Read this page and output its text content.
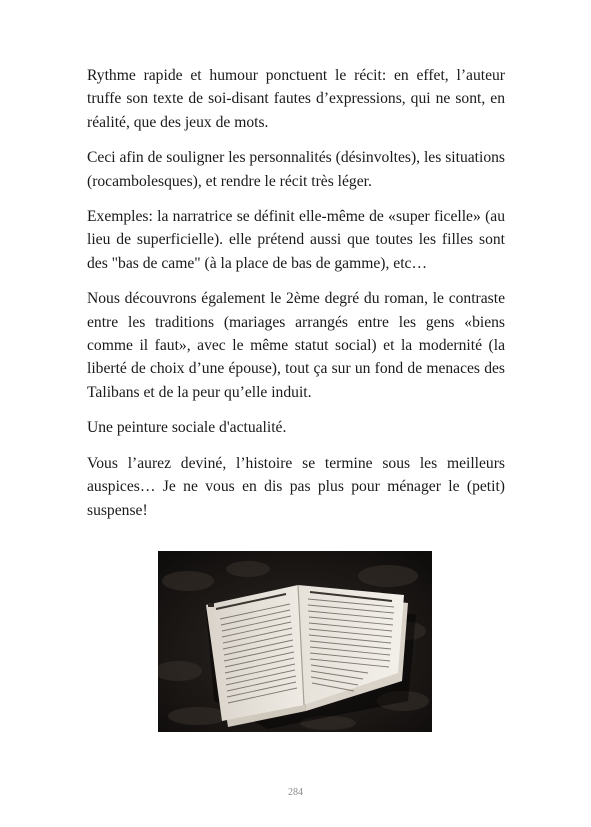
Rythme rapide et humour ponctuent le récit: en effet, l’auteur truffe son texte de soi-disant fautes d’expressions, qui ne sont, en réalité, que des jeux de mots.

Ceci afin de souligner les personnalités (désinvoltes), les situations (rocambolesques), et rendre le récit très léger.

Exemples: la narratrice se définit elle-même de «super ficelle» (au lieu de superficielle). elle prétend aussi que toutes les filles sont des "bas de came" (à la place de bas de gamme), etc…

Nous découvrons également le 2ème degré du roman, le contraste entre les traditions (mariages arrangés entre les gens «biens comme il faut», avec le même statut social) et la modernité (la liberté de choix d’une épouse), tout ça sur un fond de menaces des Talibans et de la peur qu’elle induit.

Une peinture sociale d'actualité.

Vous l’aurez deviné, l’histoire se termine sous les meilleurs auspices… Je ne vous en dis pas plus pour ménager le (petit) suspense!

284
